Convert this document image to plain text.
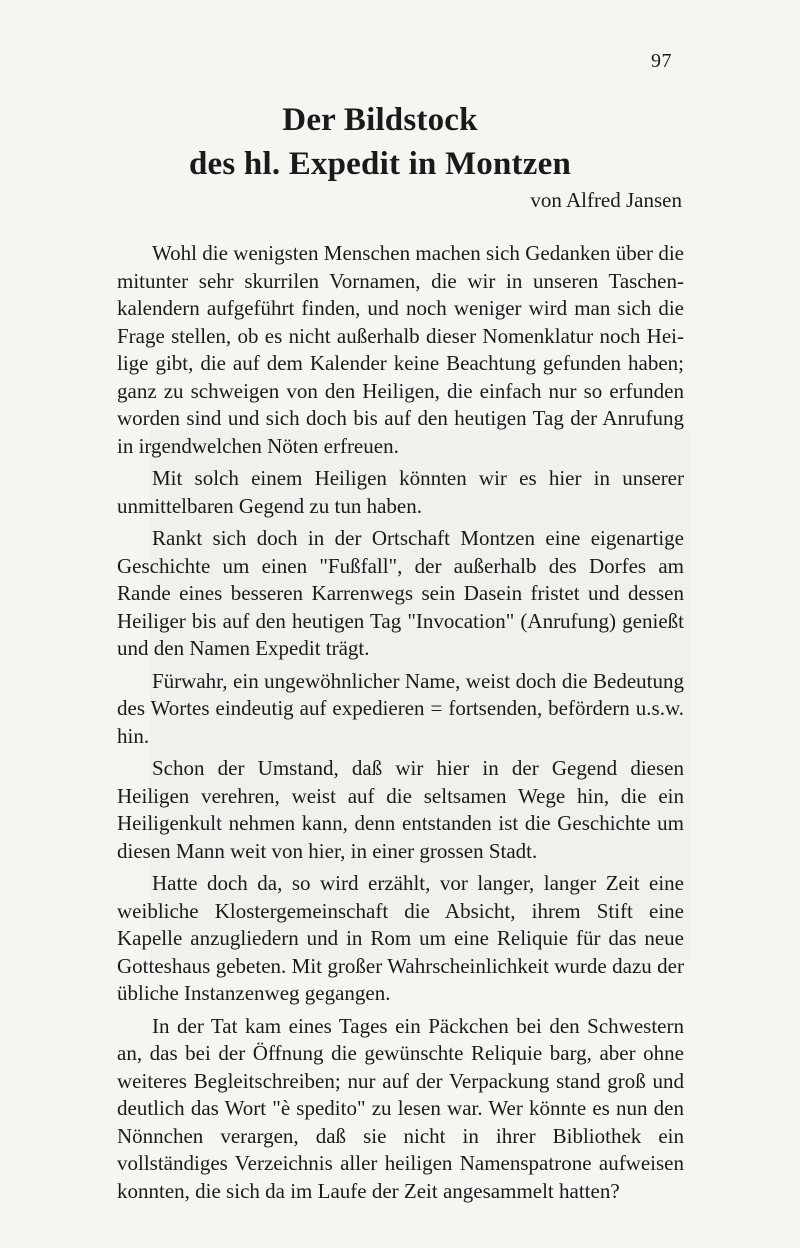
97
Der Bildstock
des hl. Expedit in Montzen
von Alfred Jansen

Wohl die wenigsten Menschen machen sich Gedanken über die mitunter sehr skurrilen Vornamen, die wir in unseren Taschenkalendern aufgeführt finden, und noch weniger wird man sich die Frage stellen, ob es nicht außerhalb dieser Nomenklatur noch Heilige gibt, die auf dem Kalender keine Beachtung gefunden haben; ganz zu schweigen von den Heiligen, die einfach nur so erfunden worden sind und sich doch bis auf den heutigen Tag der Anrufung in irgendwelchen Nöten erfreuen.

Mit solch einem Heiligen könnten wir es hier in unserer unmittelbaren Gegend zu tun haben.

Rankt sich doch in der Ortschaft Montzen eine eigenartige Geschichte um einen "Fußfall", der außerhalb des Dorfes am Rande eines besseren Karrenwegs sein Dasein fristet und dessen Heiliger bis auf den heutigen Tag "Invocation" (Anrufung) genießt und den Namen Expedit trägt.

Fürwahr, ein ungewöhnlicher Name, weist doch die Bedeutung des Wortes eindeutig auf expedieren = fortsenden, befördern u.s.w. hin.

Schon der Umstand, daß wir hier in der Gegend diesen Heiligen verehren, weist auf die seltsamen Wege hin, die ein Heiligenkult nehmen kann, denn entstanden ist die Geschichte um diesen Mann weit von hier, in einer grossen Stadt.

Hatte doch da, so wird erzählt, vor langer, langer Zeit eine weibliche Klostergemeinschaft die Absicht, ihrem Stift eine Kapelle anzugliedern und in Rom um eine Reliquie für das neue Gotteshaus gebeten. Mit großer Wahrscheinlichkeit wurde dazu der übliche Instanzenweg gegangen.

In der Tat kam eines Tages ein Päckchen bei den Schwestern an, das bei der Öffnung die gewünschte Reliquie barg, aber ohne weiteres Begleitschreiben; nur auf der Verpackung stand groß und deutlich das Wort "è spedito" zu lesen war. Wer könnte es nun den Nönnchen verargen, daß sie nicht in ihrer Bibliothek ein vollständiges Verzeichnis aller heiligen Namenspatrone aufweisen konnten, die sich da im Laufe der Zeit angesammelt hatten?
